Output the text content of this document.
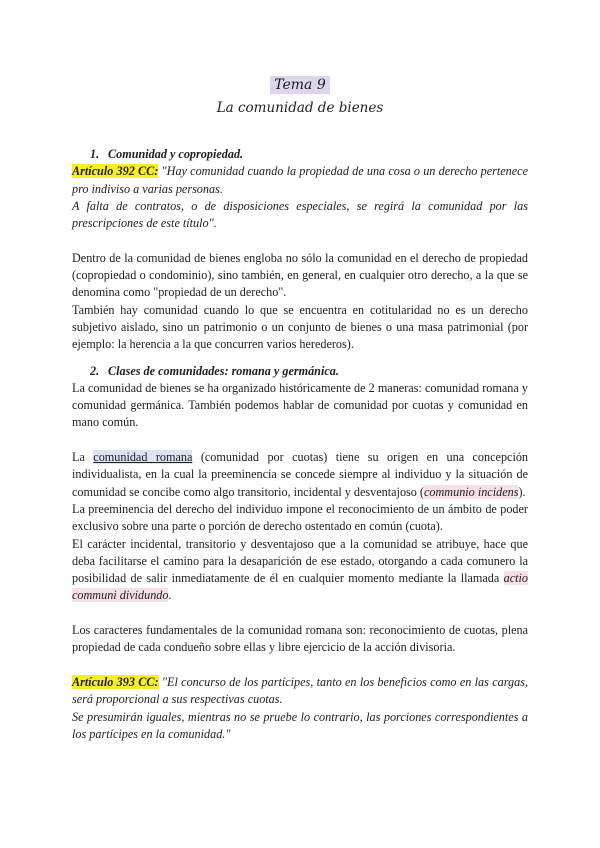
Tema 9
La comunidad de bienes

1. Comunidad y copropiedad.

Artículo 392 CC: "Hay comunidad cuando la propiedad de una cosa o un derecho pertenece pro indiviso a varias personas.

A falta de contratos, o de disposiciones especiales, se regirá la comunidad por las prescripciones de este título".

Dentro de la comunidad de bienes engloba no sólo la comunidad en el derecho de propiedad (copropiedad o condominio), sino también, en general, en cualquier otro derecho, a la que se denomina como "propiedad de un derecho".

También hay comunidad cuando lo que se encuentra en cotitularidad no es un derecho subjetivo aislado, sino un patrimonio o un conjunto de bienes o una masa patrimonial (por ejemplo: la herencia a la que concurren varios herederos).

2. Clases de comunidades: romana y germánica.

La comunidad de bienes se ha organizado históricamente de 2 maneras: comunidad romana y comunidad germánica. También podemos hablar de comunidad por cuotas y comunidad en mano común.

La comunidad romana (comunidad por cuotas) tiene su origen en una concepción individualista, en la cual la preeminencia se concede siempre al individuo y la situación de comunidad se concibe como algo transitorio, incidental y desventajoso (communio incidens).

La preeminencia del derecho del individuo impone el reconocimiento de un ámbito de poder exclusivo sobre una parte o porción de derecho ostentado en común (cuota).

El carácter incidental, transitorio y desventajoso que a la comunidad se atribuye, hace que deba facilitarse el camino para la desaparición de ese estado, otorgando a cada comunero la posibilidad de salir inmediatamente de él en cualquier momento mediante la llamada actio communi dividundo.

Los caracteres fundamentales de la comunidad romana son: reconocimiento de cuotas, plena propiedad de cada condueño sobre ellas y libre ejercicio de la acción divisoria.

Artículo 393 CC: "El concurso de los partícipes, tanto en los beneficios como en las cargas, será proporcional a sus respectivas cuotas.

Se presumirán iguales, mientras no se pruebe lo contrario, las porciones correspondientes a los partícipes en la comunidad."
